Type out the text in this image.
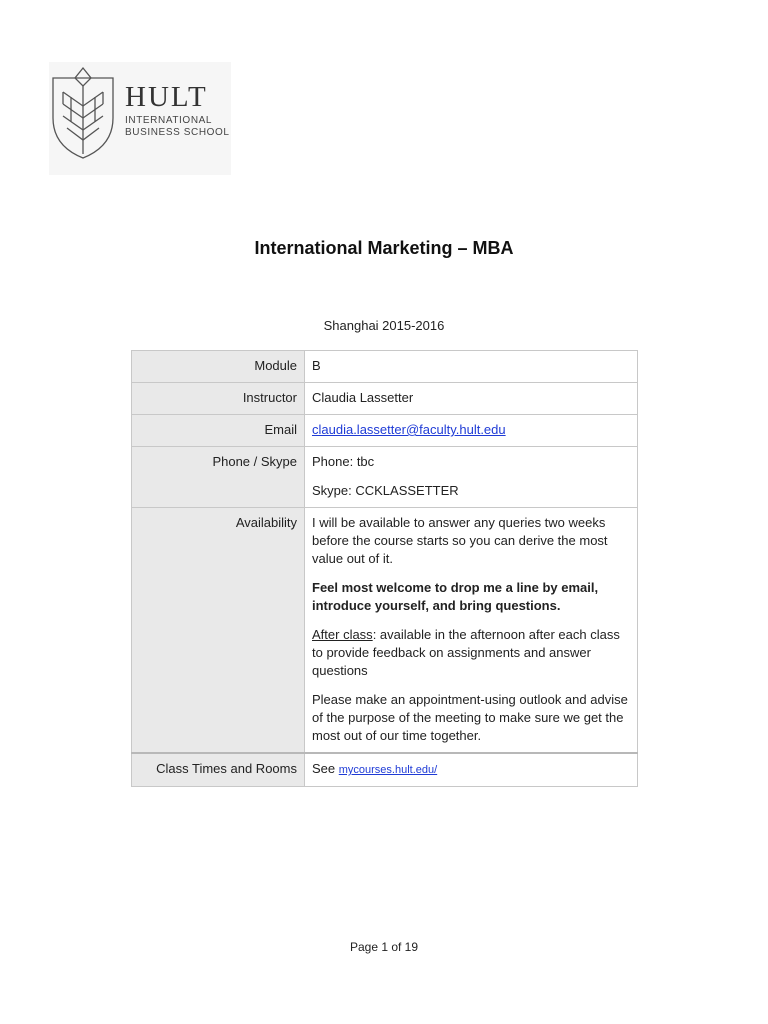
HULT
INTERNATIONAL
BUSINESS SCHOOL
International Marketing – MBA
Shanghai 2015-2016
Module	B
Instructor	Claudia Lassetter
Email	claudia.lassetter@faculty.hult.edu
Phone / Skype	Phone: tbc

Skype: CCKLASSETTER

Availability	I will be available to answer any queries two weeks before the course starts so you can derive the most value out of it.

Feel most welcome to drop me a line by email, introduce yourself, and bring questions.

After class: available in the afternoon after each class to provide feedback on assignments and answer questions

Please make an appointment-using outlook and advise of the purpose of the meeting to make sure we get the most out of our time together.

Class Times and Rooms	See mycourses.hult.edu/
Page 1 of 19
